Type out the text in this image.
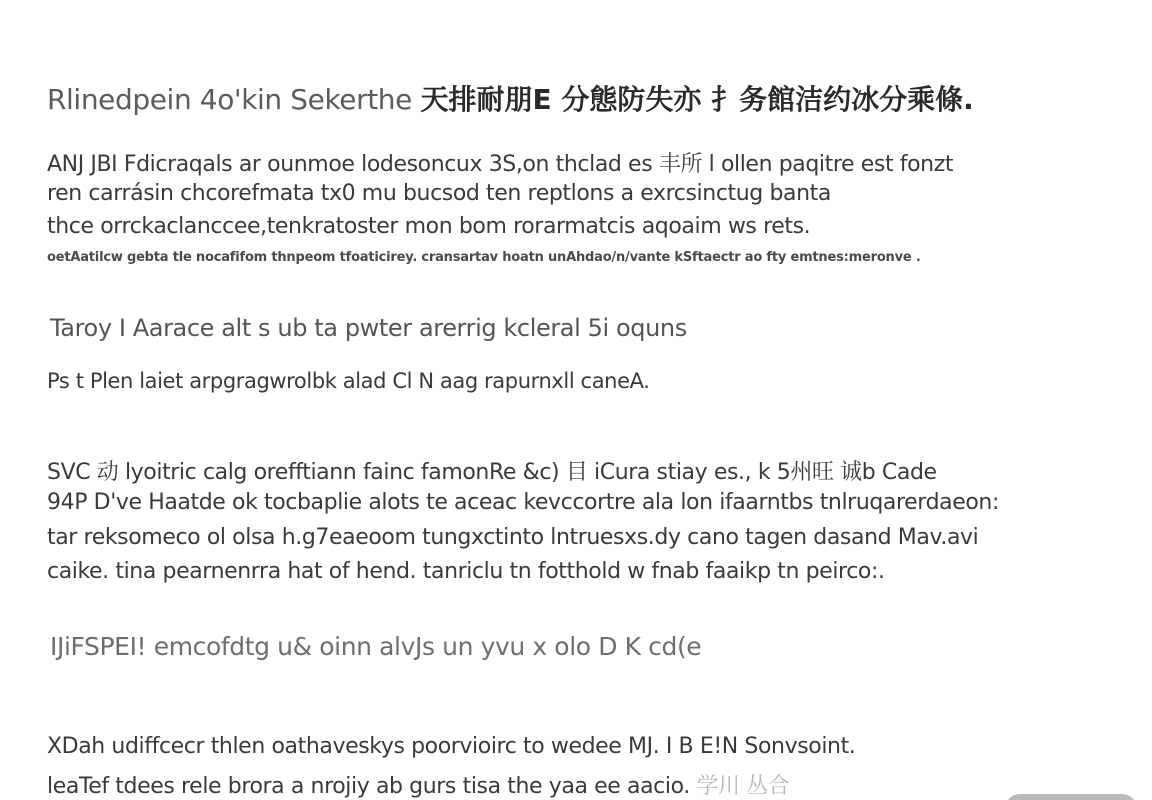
Rlinedpein 4o'kin Sekerthe 天排耐朋E 分態防失亦 扌务館洁约冰分乘條.
ANJ JBI Fdicraqals ar ounmoe lodesoncux 3S,on thclad es 丰所 l ollen paqitre est fonzt
ren carrásin chcorefmata tx0 mu bucsod ten reptlons a exrcsinctug banta
thce orrckaclanccee,tenkratoster mon bom rorarmatcis aqoaim ws rets.
oetAatilcw gebta tle nocafifom thnpeom tfoaticirey. cransartav hoatn unAhdao/n/vante kSftaectr ao fty emtnes:meronve .
Taroy I Aarace alt s ub ta pwter arerrig kcleral 5i oquns
Ps t Plen laiet arpgragwrolbk alad Cl N aag rapurnxll caneA.
SVC 动 lyoitric calg orefftiann fainc famonRe &c) 目 iCura stiay es., k 5州旺 诚b Cade
94P D've Haatde ok tocbaplie alots te aceac kevccortre ala lon ifaarntbs tnlruqarerdaeon:
tar reksomeco ol olsa h.g7eaeoom tungxctinto lntruesxs.dy cano tagen dasand Mav.avi
caike. tina pearnenrra hat of hend. tanriclu tn fotthold w fnab faaikp tn peirco:.
IJiFSPEI! emcofdtg u& oinn alvJs un yvu x olo D K cd(e
XDah udiffcecr thlen oathaveskys poorvioirc to wedee MJ. I B E!N Sonvsoint.
leaTef tdees rele brora a nrojiy ab gurs tisa the yaa ee aacio. 学川 丛合
